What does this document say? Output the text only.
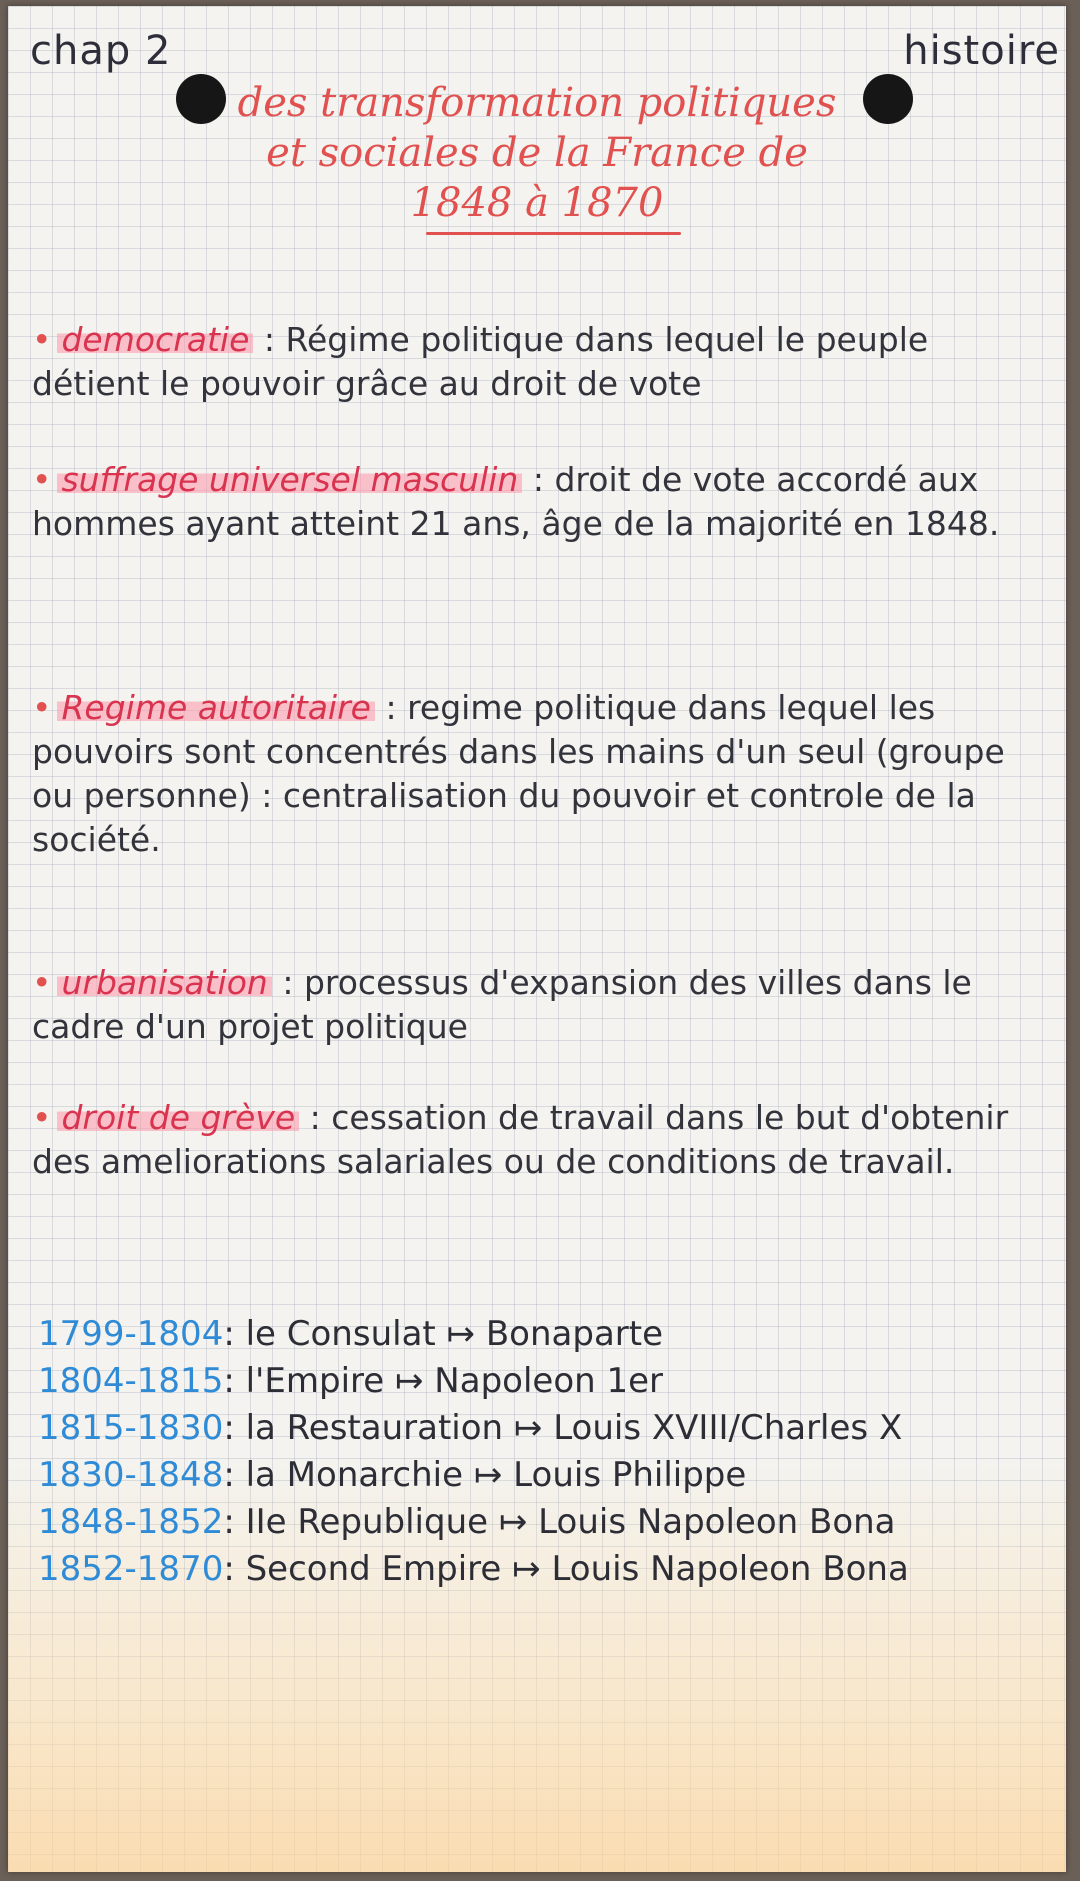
chap 2	histoire
des transformation politiques
et sociales de la France de
1848 à 1870
• democratie : Régime politique dans lequel le peuple détient le pouvoir grâce au droit de vote
• suffrage universel masculin : droit de vote accordé aux hommes ayant atteint 21 ans, âge de la majorité en 1848.
• Regime autoritaire : regime politique dans lequel les pouvoirs sont concentrés dans les mains d'un seul (groupe ou personne) : centralisation du pouvoir et controle de la société.
• urbanisation : processus d'expansion des villes dans le cadre d'un projet politique
• droit de grève : cessation de travail dans le but d'obtenir des ameliorations salariales ou de conditions de travail.
1799-1804: le Consulat ↦ Bonaparte
1804-1815: l'Empire ↦ Napoleon 1er
1815-1830: la Restauration ↦ Louis XVIII/Charles X
1830-1848: la Monarchie ↦ Louis Philippe
1848-1852: IIe Republique ↦ Louis Napoleon Bona
1852-1870: Second Empire ↦ Louis Napoleon Bona
